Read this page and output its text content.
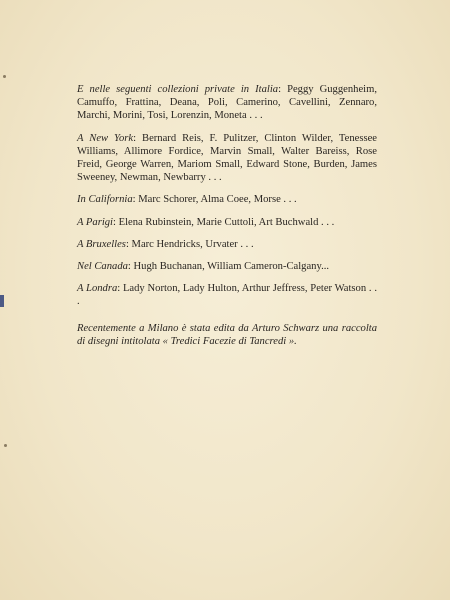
E nelle seguenti collezioni private in Italia: Peggy Guggenheim, Camuffo, Frattina, Deana, Poli, Camerino, Cavellini, Zennaro, Marchi, Morini, Tosi, Lorenzin, Moneta . . .

A New York: Bernard Reis, F. Pulitzer, Clinton Wilder, Tenessee Williams, Allimore Fordice, Marvin Small, Walter Bareiss, Rose Freid, George Warren, Mariom Small, Edward Stone, Burden, James Sweeney, Newman, Newbarry . . .

In California: Marc Schorer, Alma Coee, Morse . . .

A Parigi: Elena Rubinstein, Marie Cuttoli, Art Buchwald . . .

A Bruxelles: Marc Hendricks, Urvater . . .

Nel Canada: Hugh Buchanan, William Cameron-Calgany...

A Londra: Lady Norton, Lady Hulton, Arthur Jeffress, Peter Watson . . .

Recentemente a Milano è stata edita da Arturo Schwarz una raccolta di disegni intitolata « Tredici Facezie di Tancredi ».
